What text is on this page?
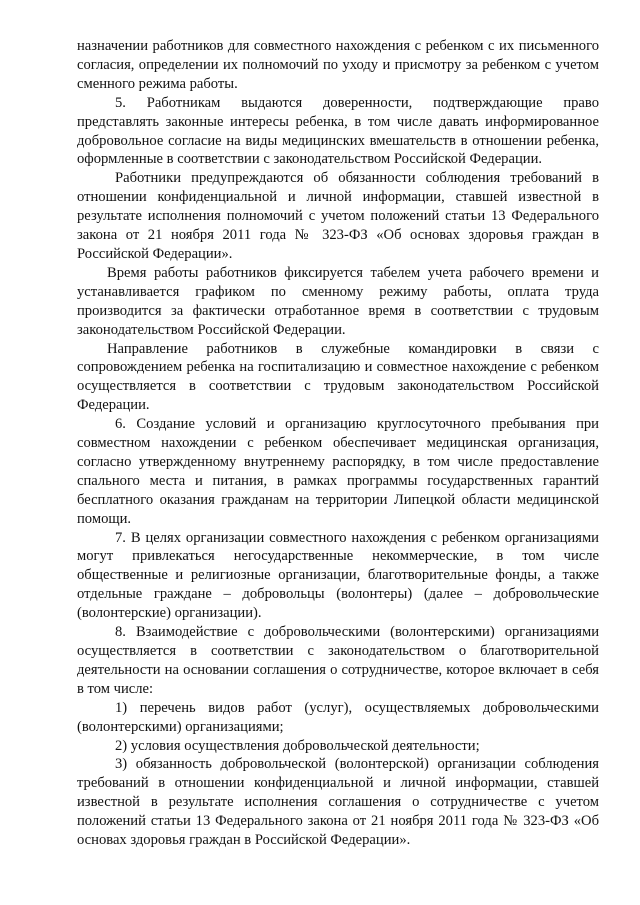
назначении работников для совместного нахождения с ребенком с их письменного согласия, определении их полномочий по уходу и присмотру за ребенком с учетом сменного режима работы.

5. Работникам выдаются доверенности, подтверждающие право представлять законные интересы ребенка, в том числе давать информированное добровольное согласие на виды медицинских вмешательств в отношении ребенка, оформленные в соответствии с законодательством Российской Федерации.

Работники предупреждаются об обязанности соблюдения требований в отношении конфиденциальной и личной информации, ставшей известной в результате исполнения полномочий с учетом положений статьи 13 Федерального закона от 21 ноября 2011 года № 323-ФЗ «Об основах здоровья граждан в Российской Федерации».

Время работы работников фиксируется табелем учета рабочего времени и устанавливается графиком по сменному режиму работы, оплата труда производится за фактически отработанное время в соответствии с трудовым законодательством Российской Федерации.

Направление работников в служебные командировки в связи с сопровождением ребенка на госпитализацию и совместное нахождение с ребенком осуществляется в соответствии с трудовым законодательством Российской Федерации.

6. Создание условий и организацию круглосуточного пребывания при совместном нахождении с ребенком обеспечивает медицинская организация, согласно утвержденному внутреннему распорядку, в том числе предоставление спального места и питания, в рамках программы государственных гарантий бесплатного оказания гражданам на территории Липецкой области медицинской помощи.

7. В целях организации совместного нахождения с ребенком организациями могут привлекаться негосударственные некоммерческие, в том числе общественные и религиозные организации, благотворительные фонды, а также отдельные граждане – добровольцы (волонтеры) (далее – добровольческие (волонтерские) организации).

8. Взаимодействие с добровольческими (волонтерскими) организациями осуществляется в соответствии с законодательством о благотворительной деятельности на основании соглашения о сотрудничестве, которое включает в себя в том числе:

1) перечень видов работ (услуг), осуществляемых добровольческими (волонтерскими) организациями;

2) условия осуществления добровольческой деятельности;

3) обязанность добровольческой (волонтерской) организации соблюдения требований в отношении конфиденциальной и личной информации, ставшей известной в результате исполнения соглашения о сотрудничестве с учетом положений статьи 13 Федерального закона от 21 ноября 2011 года № 323-ФЗ «Об основах здоровья граждан в Российской Федерации».
